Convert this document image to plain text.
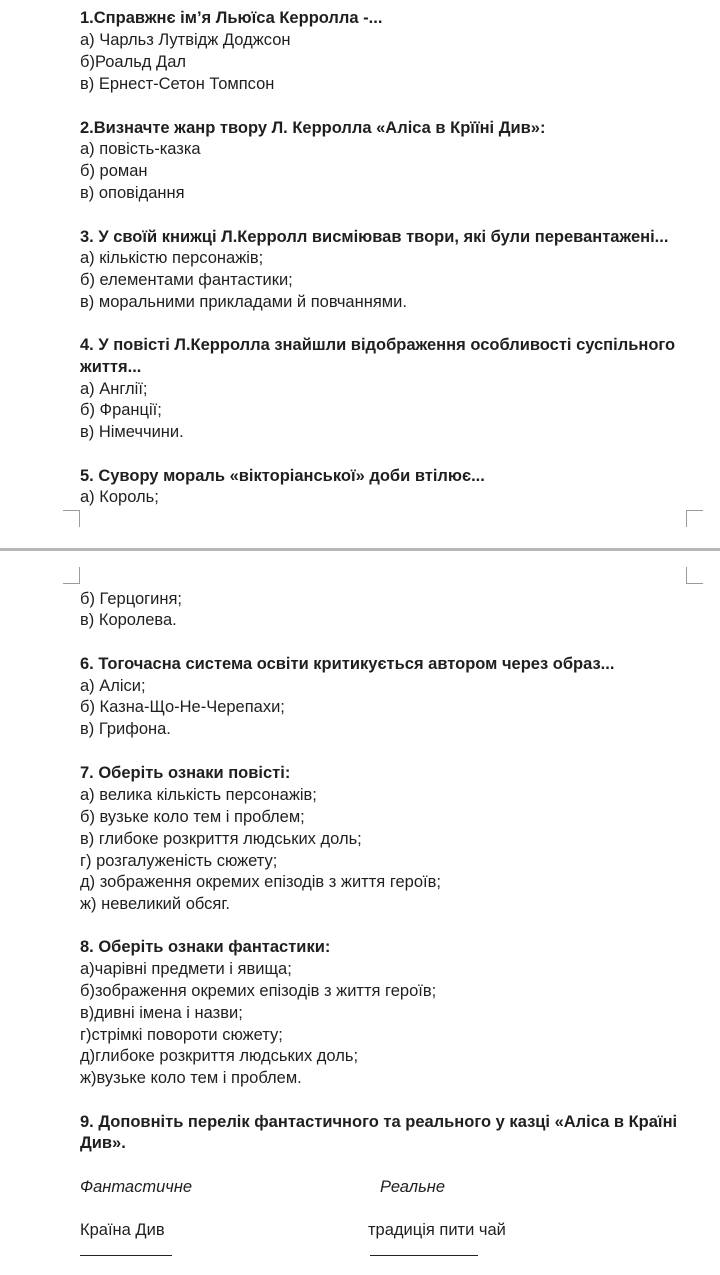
1.Справжнє ім’я Льюїса Керролла -...
а) Чарльз Лутвідж Доджсон
б)Роальд Дал
в) Ернест-Сетон Томпсон
2.Визначте жанр твору Л. Керролла «Аліса в Крїїні Див»:
а) повість-казка
б) роман
в) оповідання
3. У своїй книжці Л.Керролл висміював твори, які були перевантажені...
а) кількістю персонажів;
б) елементами фантастики;
в) моральними прикладами й повчаннями.
4. У повісті Л.Керролла знайшли відображення особливості суспільного
життя...
а) Англії;
б) Франції;
в) Німеччини.
5. Сувору мораль «вікторіанської» доби втілює...
а) Король;
б) Герцогиня;
в) Королева.
6. Тогочасна система освіти критикується автором через образ...
а) Аліси;
б) Казна-Що-Не-Черепахи;
в) Грифона.
7. Оберіть ознаки повісті:
а) велика кількість персонажів;
б) вузьке коло тем і проблем;
в) глибоке розкриття людських доль;
г) розгалуженість сюжету;
д) зображення окремих епізодів з життя героїв;
ж) невеликий обсяг.
8. Оберіть ознаки фантастики:
а)чарівні предмети і явища;
б)зображення окремих епізодів з життя героїв;
в)дивні імена і назви;
г)стрімкі повороти сюжету;
д)глибоке розкриття людських доль;
ж)вузьке коло тем і проблем.
9. Доповніть перелік фантастичного та реального у казці «Аліса в Країні
Див».
Фантастичне	Реальне
Країна Див	традиція пити чай
